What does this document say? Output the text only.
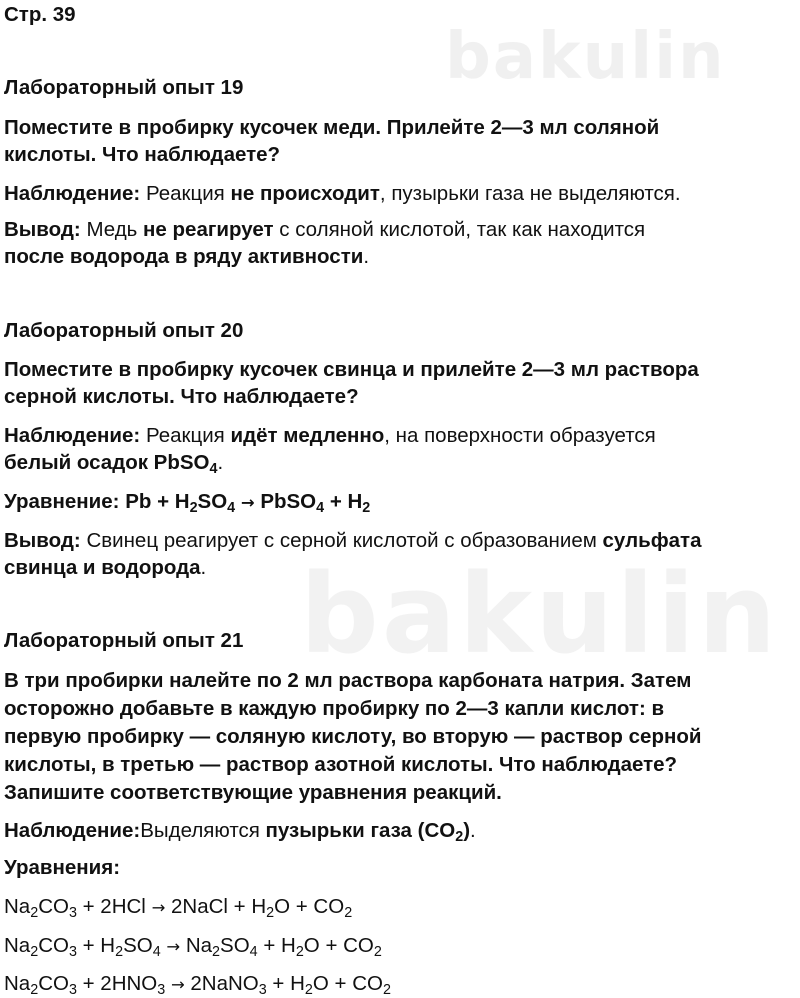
bakulin
bakulin
Стр. 39
Лабораторный опыт 19
Поместите в пробирку кусочек меди. Прилейте 2—3 мл соляной
кислоты. Что наблюдаете?
Наблюдение: Реакция не происходит, пузырьки газа не выделяются.
Вывод: Медь не реагирует с соляной кислотой, так как находится
после водорода в ряду активности.
Лабораторный опыт 20
Поместите в пробирку кусочек свинца и прилейте 2—3 мл раствора
серной кислоты. Что наблюдаете?
Наблюдение: Реакция идёт медленно, на поверхности образуется
белый осадок PbSO$_4$.
Уравнение: $Pb + H_2SO_4$ → PbSO$_4$ + $H_2$
Вывод: Свинец реагирует с серной кислотой с образованием сульфата
свинца и водорода.
Лабораторный опыт 21
В три пробирки налейте по 2 мл раствора карбоната натрия. Затем
осторожно добавьте в каждую пробирку по 2—3 капли кислот: в
первую пробирку — соляную кислоту, во вторую — раствор серной
кислоты, в третью — раствор азотной кислоты. Что наблюдаете?
Запишите соответствующие уравнения реакций.
Наблюдение:Выделяются пузырьки газа $(CO_2)$.
Уравнения:
$Na_2CO_3 + 2HCl$ → 2NaCl + $H_2O + CO_2$
$Na_2CO_3 + H_2SO_4 \to Na_2SO_4 + H_2O + CO_2$
$Na_2CO_3 + 2HNO_3$ → 2NaNO$_3$ + $H_2O + CO_2$
